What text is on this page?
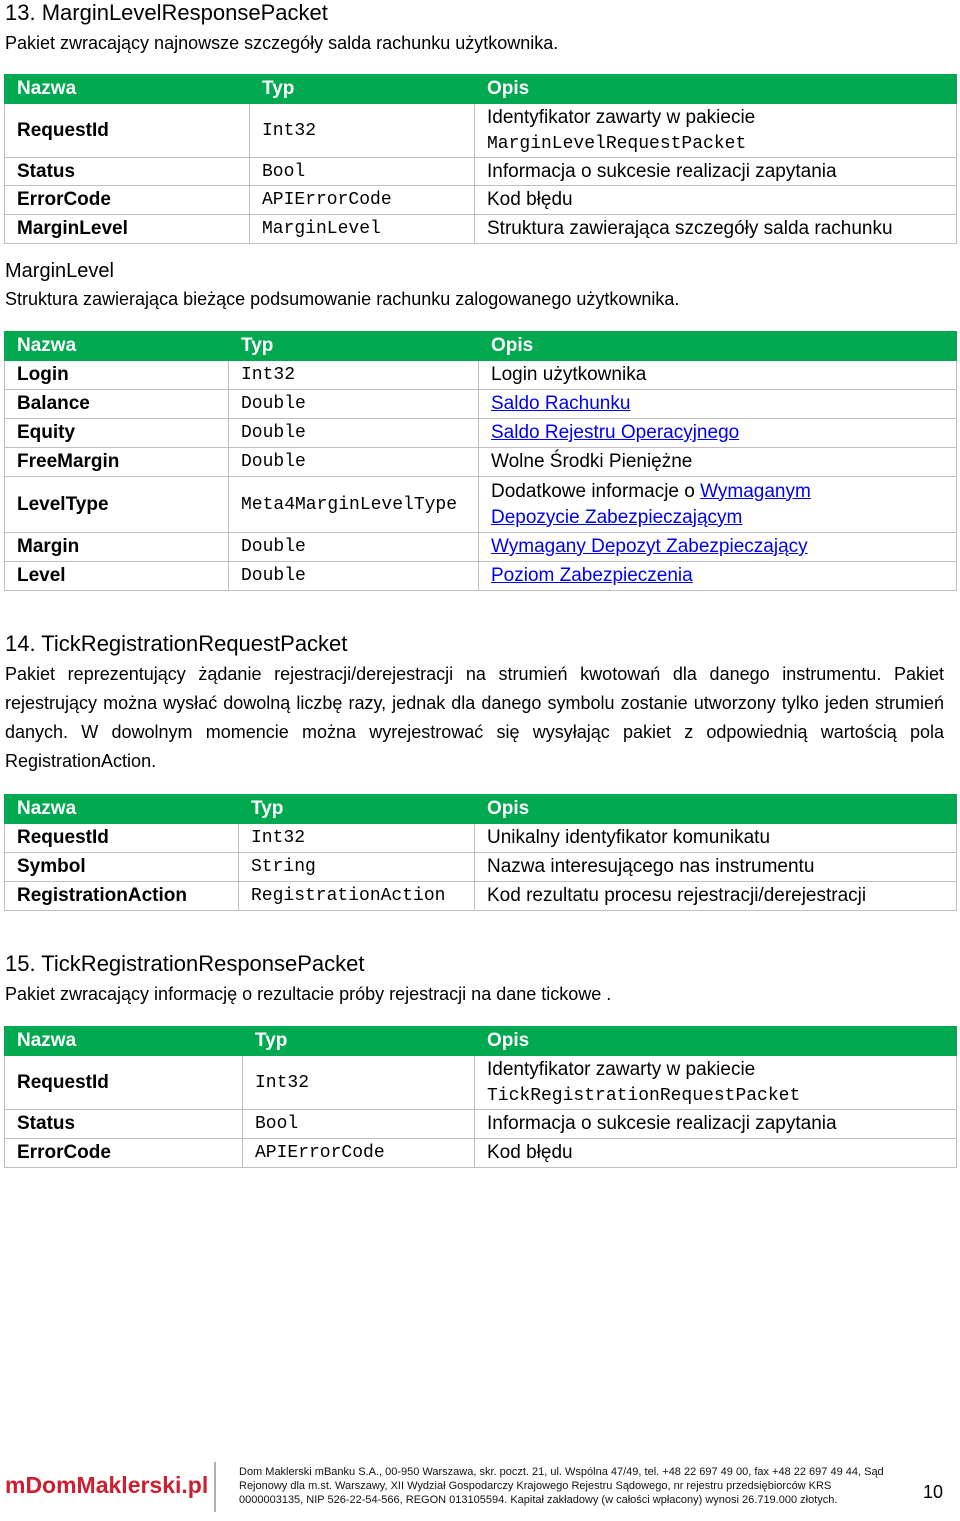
13. MarginLevelResponsePacket
Pakiet zwracający najnowsze szczegóły salda rachunku użytkownika.
Nazwa	Typ	Opis
RequestId	Int32	Identyfikator zawarty w pakiecie
MarginLevelRequestPacket

Status	Bool	Informacja o sukcesie realizacji zapytania
ErrorCode	APIErrorCode	Kod błędu
MarginLevel	MarginLevel	Struktura zawierająca szczegóły salda rachunku
MarginLevel
Struktura zawierająca bieżące podsumowanie rachunku zalogowanego użytkownika.
Nazwa	Typ	Opis
Login	Int32	Login użytkownika
Balance	Double	Saldo Rachunku
Equity	Double	Saldo Rejestru Operacyjnego
FreeMargin	Double	Wolne Środki Pieniężne
LevelType	Meta4MarginLevelType	Dodatkowe informacje o Wymaganym
Depozycie Zabezpieczającym
Margin	Double	Wymagany Depozyt Zabezpieczający
Level	Double	Poziom Zabezpieczenia
14. TickRegistrationRequestPacket
Pakiet reprezentujący żądanie rejestracji/derejestracji na strumień kwotowań dla danego instrumentu. Pakiet rejestrujący można wysłać dowolną liczbę razy, jednak dla danego symbolu zostanie utworzony tylko jeden strumień danych. W dowolnym momencie można wyrejestrować się wysyłając pakiet z odpowiednią wartością pola RegistrationAction.
Nazwa	Typ	Opis
RequestId	Int32	Unikalny identyfikator komunikatu
Symbol	String	Nazwa interesującego nas instrumentu
RegistrationAction	RegistrationAction	Kod rezultatu procesu rejestracji/derejestracji
15. TickRegistrationResponsePacket
Pakiet zwracający informację o rezultacie próby rejestracji na dane tickowe .
Nazwa	Typ	Opis
RequestId	Int32	Identyfikator zawarty w pakiecie
TickRegistrationRequestPacket

Status	Bool	Informacja o sukcesie realizacji zapytania
ErrorCode	APIErrorCode	Kod błędu
mDomMaklerski.pl	Dom Maklerski mBanku S.A., 00-950 Warszawa, skr. poczt. 21, ul. Wspólna 47/49, tel. +48 22 697 49 00, fax +48 22 697 49 44, Sąd Rejonowy dla m.st. Warszawy, XII Wydział Gospodarczy Krajowego Rejestru Sądowego, nr rejestru przedsiębiorców KRS 0000003135, NIP 526-22-54-566, REGON 013105594. Kapitał zakładowy (w całości wpłacony) wynosi 26.719.000 złotych.	10
